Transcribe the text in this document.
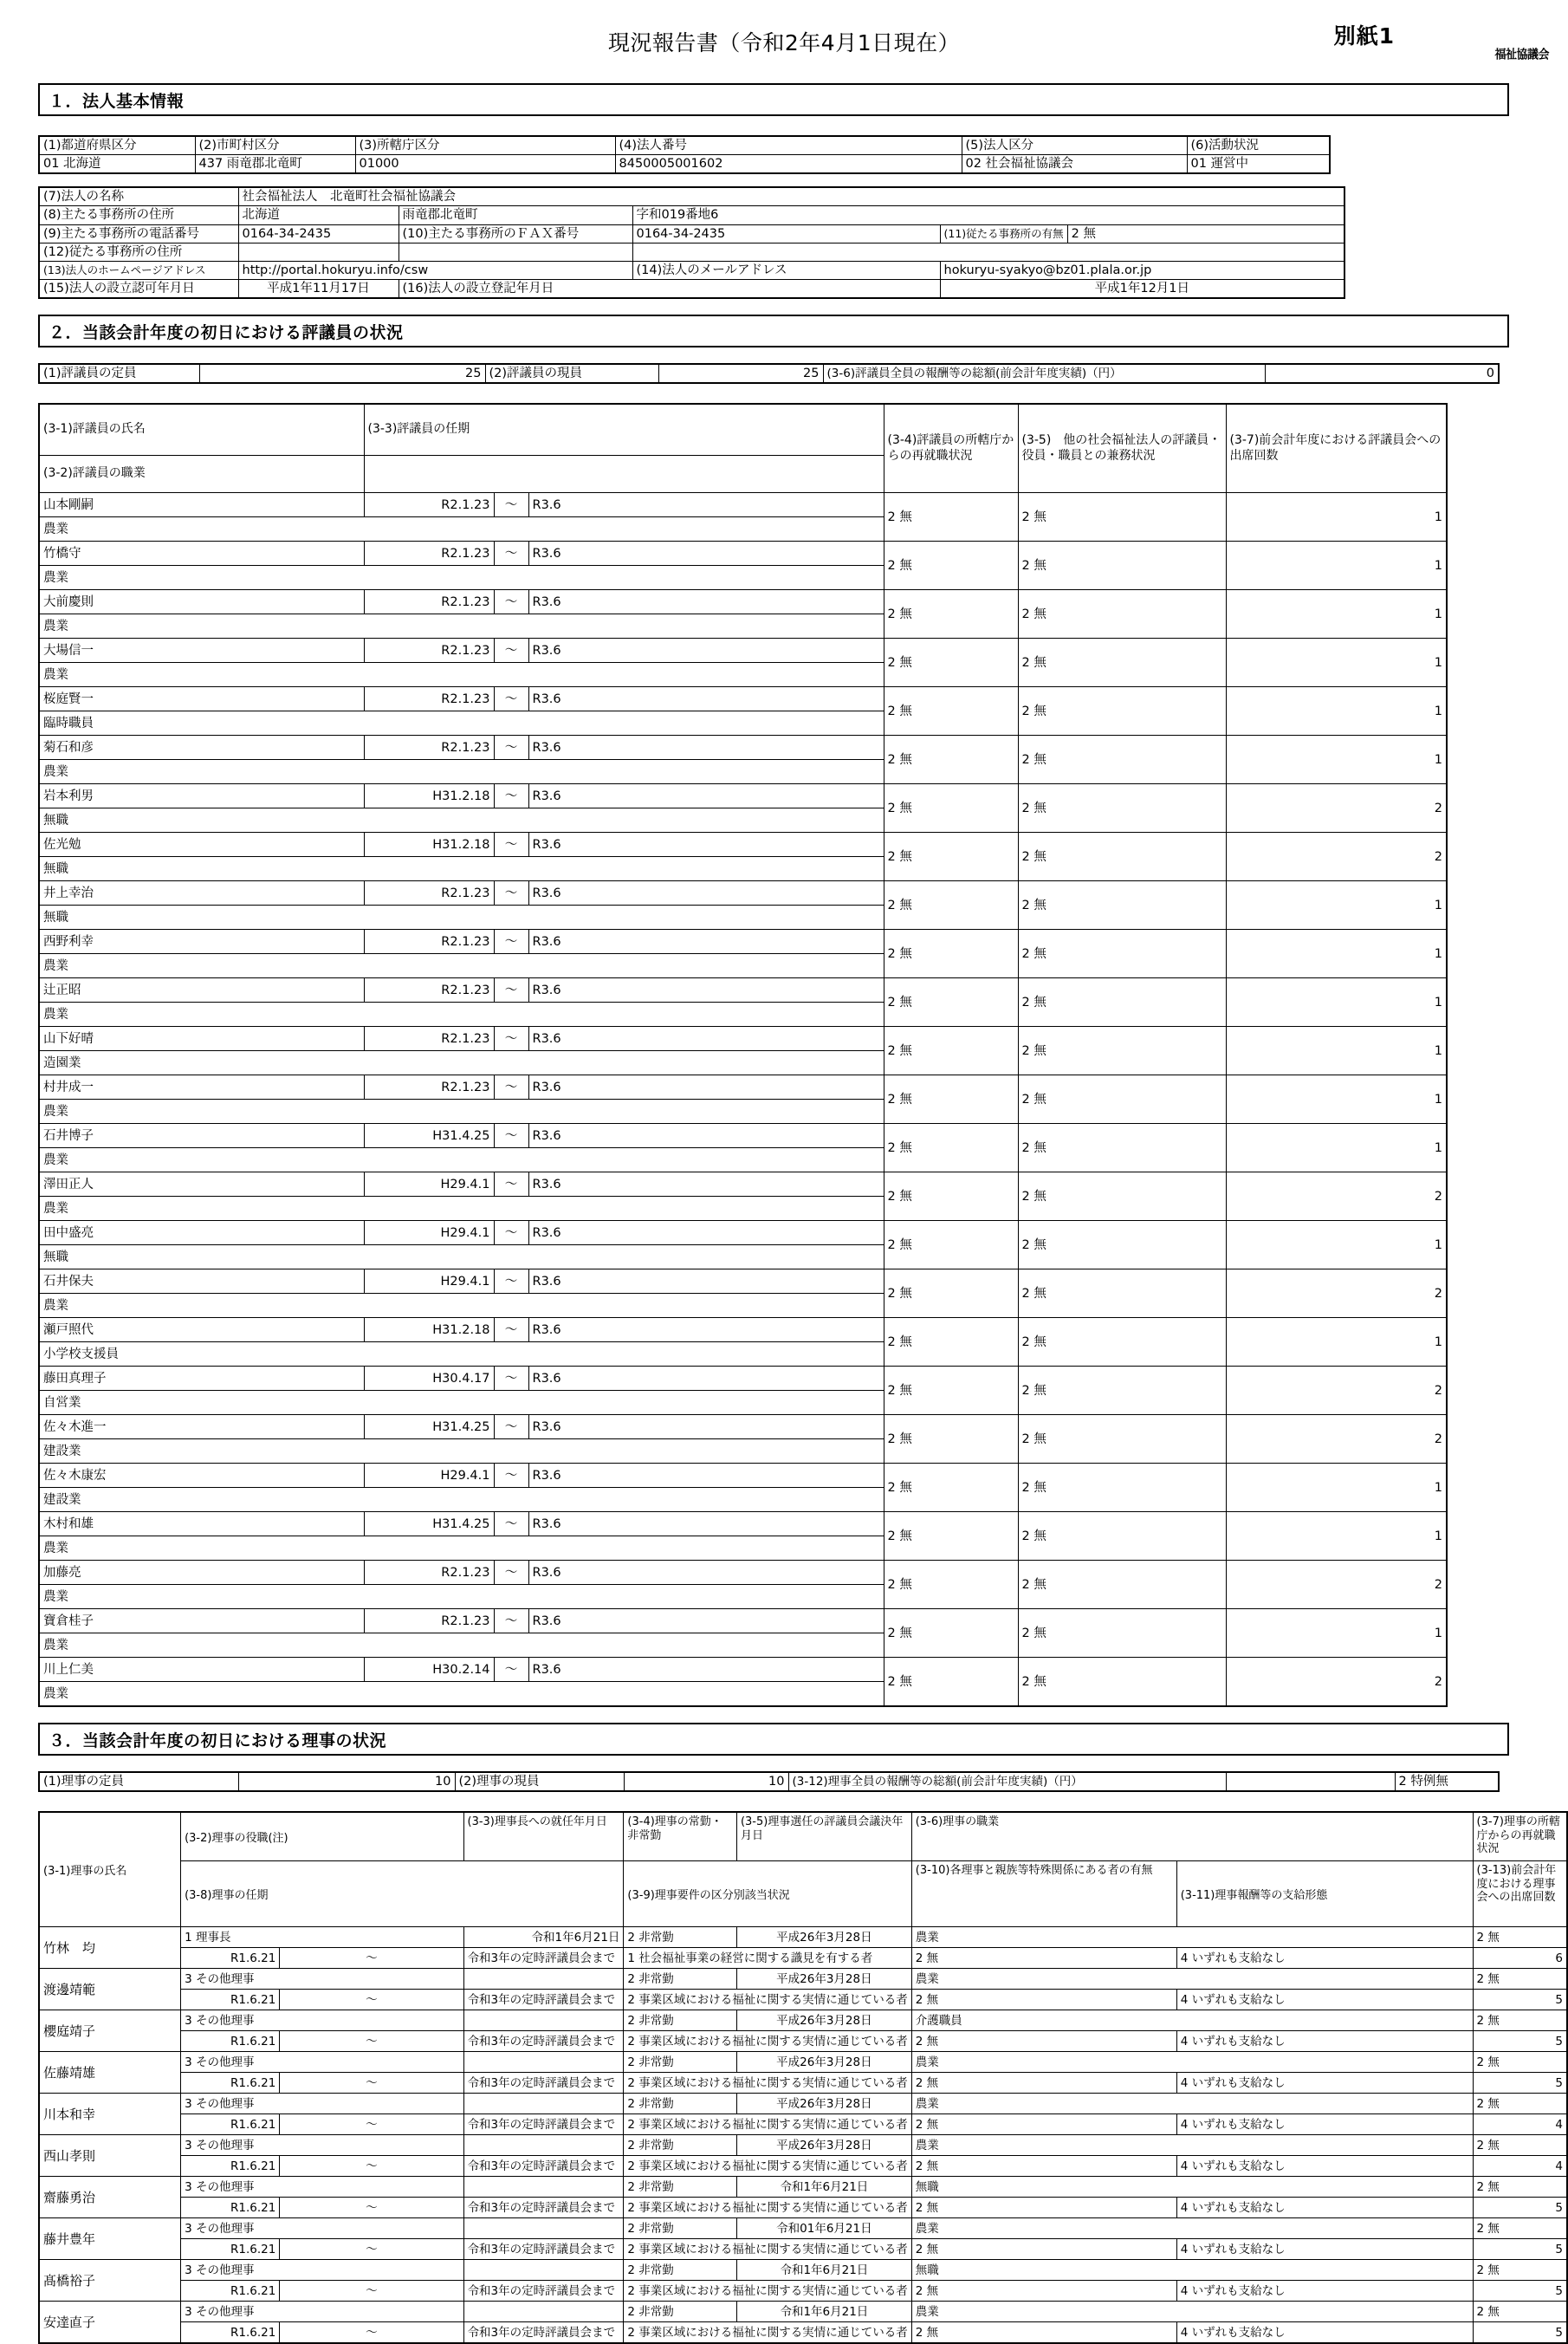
現況報告書（令和2年4月1日現在）	別紙1
福祉協議会
１．法人基本情報
(1)都道府県区分	(2)市町村区分	(3)所轄庁区分	(4)法人番号	(5)法人区分	(6)活動状況
01 北海道	437 雨竜郡北竜町	01000	8450005001602	02 社会福祉協議会	01 運営中
(7)法人の名称	社会福祉法人　北竜町社会福祉協議会				
(8)主たる事務所の住所	北海道	雨竜郡北竜町	字和019番地6		
(9)主たる事務所の電話番号	0164-34-2435	(10)主たる事務所のＦＡＸ番号	0164-34-2435	(11)従たる事務所の有無	2 無
(12)従たる事務所の住所					
(13)法人のホームページアドレス	http://portal.hokuryu.info/csw		(14)法人のメールアドレス	hokuryu-syakyo@bz01.plala.or.jp	
(15)法人の設立認可年月日	平成1年11月17日	(16)法人の設立登記年月日		平成1年12月1日	
２．当該会計年度の初日における評議員の状況
(1)評議員の定員	25	(2)評議員の現員	25	(3-6)評議員全員の報酬等の総額(前会計年度実績)（円）	0
(3-1)評議員の氏名	(3-3)評議員の任期			(3-4)評議員の所轄庁からの再就職状況	(3-5)　他の社会福祉法人の評議員・役員・職員との兼務状況	(3-7)前会計年度における評議員会への出席回数
(3-2)評議員の職業						
山本剛嗣	R2.1.23	～	R3.6	2 無	2 無	1
農業						
竹橋守	R2.1.23	～	R3.6	2 無	2 無	1
農業						
大前慶則	R2.1.23	～	R3.6	2 無	2 無	1
農業						
大場信一	R2.1.23	～	R3.6	2 無	2 無	1
農業						
桜庭賢一	R2.1.23	～	R3.6	2 無	2 無	1
臨時職員						
菊石和彦	R2.1.23	～	R3.6	2 無	2 無	1
農業						
岩本利男	H31.2.18	～	R3.6	2 無	2 無	2
無職						
佐光勉	H31.2.18	～	R3.6	2 無	2 無	2
無職						
井上幸治	R2.1.23	～	R3.6	2 無	2 無	1
無職						
西野利幸	R2.1.23	～	R3.6	2 無	2 無	1
農業						
辻正昭	R2.1.23	～	R3.6	2 無	2 無	1
農業						
山下好晴	R2.1.23	～	R3.6	2 無	2 無	1
造園業						
村井成一	R2.1.23	～	R3.6	2 無	2 無	1
農業						
石井博子	H31.4.25	～	R3.6	2 無	2 無	1
農業						
澤田正人	H29.4.1	～	R3.6	2 無	2 無	2
農業						
田中盛亮	H29.4.1	～	R3.6	2 無	2 無	1
無職						
石井保夫	H29.4.1	～	R3.6	2 無	2 無	2
農業						
瀬戸照代	H31.2.18	～	R3.6	2 無	2 無	1
小学校支援員						
藤田真理子	H30.4.17	～	R3.6	2 無	2 無	2
自営業						
佐々木進一	H31.4.25	～	R3.6	2 無	2 無	2
建設業						
佐々木康宏	H29.4.1	～	R3.6	2 無	2 無	1
建設業						
木村和雄	H31.4.25	～	R3.6	2 無	2 無	1
農業						
加藤亮	R2.1.23	～	R3.6	2 無	2 無	2
農業						
寶倉桂子	R2.1.23	～	R3.6	2 無	2 無	1
農業						
川上仁美	H30.2.14	～	R3.6	2 無	2 無	2
農業						
３．当該会計年度の初日における理事の状況
(1)理事の定員	10	(2)理事の現員	10	(3-12)理事全員の報酬等の総額(前会計年度実績)（円）		2 特例無
(3-1)理事の氏名	(3-2)理事の役職(注)		(3-3)理事長への就任年月日	(3-4)理事の常勤・非常勤	(3-5)理事選任の評議員会議決年月日	(3-6)理事の職業		(3-7)理事の所轄庁からの再就職状況
	(3-8)理事の任期			(3-9)理事要件の区分別該当状況		(3-10)各理事と親族等特殊関係にある者の有無	(3-11)理事報酬等の支給形態	(3-13)前会計年度における理事会への出席回数
竹林　均	1 理事長		令和1年6月21日	2 非常勤	平成26年3月28日	農業		2 無
	R1.6.21	～	令和3年の定時評議員会まで	1 社会福祉事業の経営に関する識見を有する者		2 無	4 いずれも支給なし	6
渡邊靖範	3 その他理事			2 非常勤	平成26年3月28日	農業		2 無
	R1.6.21	～	令和3年の定時評議員会まで	2 事業区域における福祉に関する実情に通じている者		2 無	4 いずれも支給なし	5
櫻庭靖子	3 その他理事			2 非常勤	平成26年3月28日	介護職員		2 無
	R1.6.21	～	令和3年の定時評議員会まで	2 事業区域における福祉に関する実情に通じている者		2 無	4 いずれも支給なし	5
佐藤靖雄	3 その他理事			2 非常勤	平成26年3月28日	農業		2 無
	R1.6.21	～	令和3年の定時評議員会まで	2 事業区域における福祉に関する実情に通じている者		2 無	4 いずれも支給なし	5
川本和幸	3 その他理事			2 非常勤	平成26年3月28日	農業		2 無
	R1.6.21	～	令和3年の定時評議員会まで	2 事業区域における福祉に関する実情に通じている者		2 無	4 いずれも支給なし	4
西山孝則	3 その他理事			2 非常勤	平成26年3月28日	農業		2 無
	R1.6.21	～	令和3年の定時評議員会まで	2 事業区域における福祉に関する実情に通じている者		2 無	4 いずれも支給なし	4
齋藤勇治	3 その他理事			2 非常勤	令和1年6月21日	無職		2 無
	R1.6.21	～	令和3年の定時評議員会まで	2 事業区域における福祉に関する実情に通じている者		2 無	4 いずれも支給なし	5
藤井豊年	3 その他理事			2 非常勤	令和01年6月21日	農業		2 無
	R1.6.21	～	令和3年の定時評議員会まで	2 事業区域における福祉に関する実情に通じている者		2 無	4 いずれも支給なし	5
髙橋裕子	3 その他理事			2 非常勤	令和1年6月21日	無職		2 無
	R1.6.21	～	令和3年の定時評議員会まで	2 事業区域における福祉に関する実情に通じている者		2 無	4 いずれも支給なし	5
安達直子	3 その他理事			2 非常勤	令和1年6月21日	農業		2 無
	R1.6.21	～	令和3年の定時評議員会まで	2 事業区域における福祉に関する実情に通じている者		2 無	4 いずれも支給なし	5
